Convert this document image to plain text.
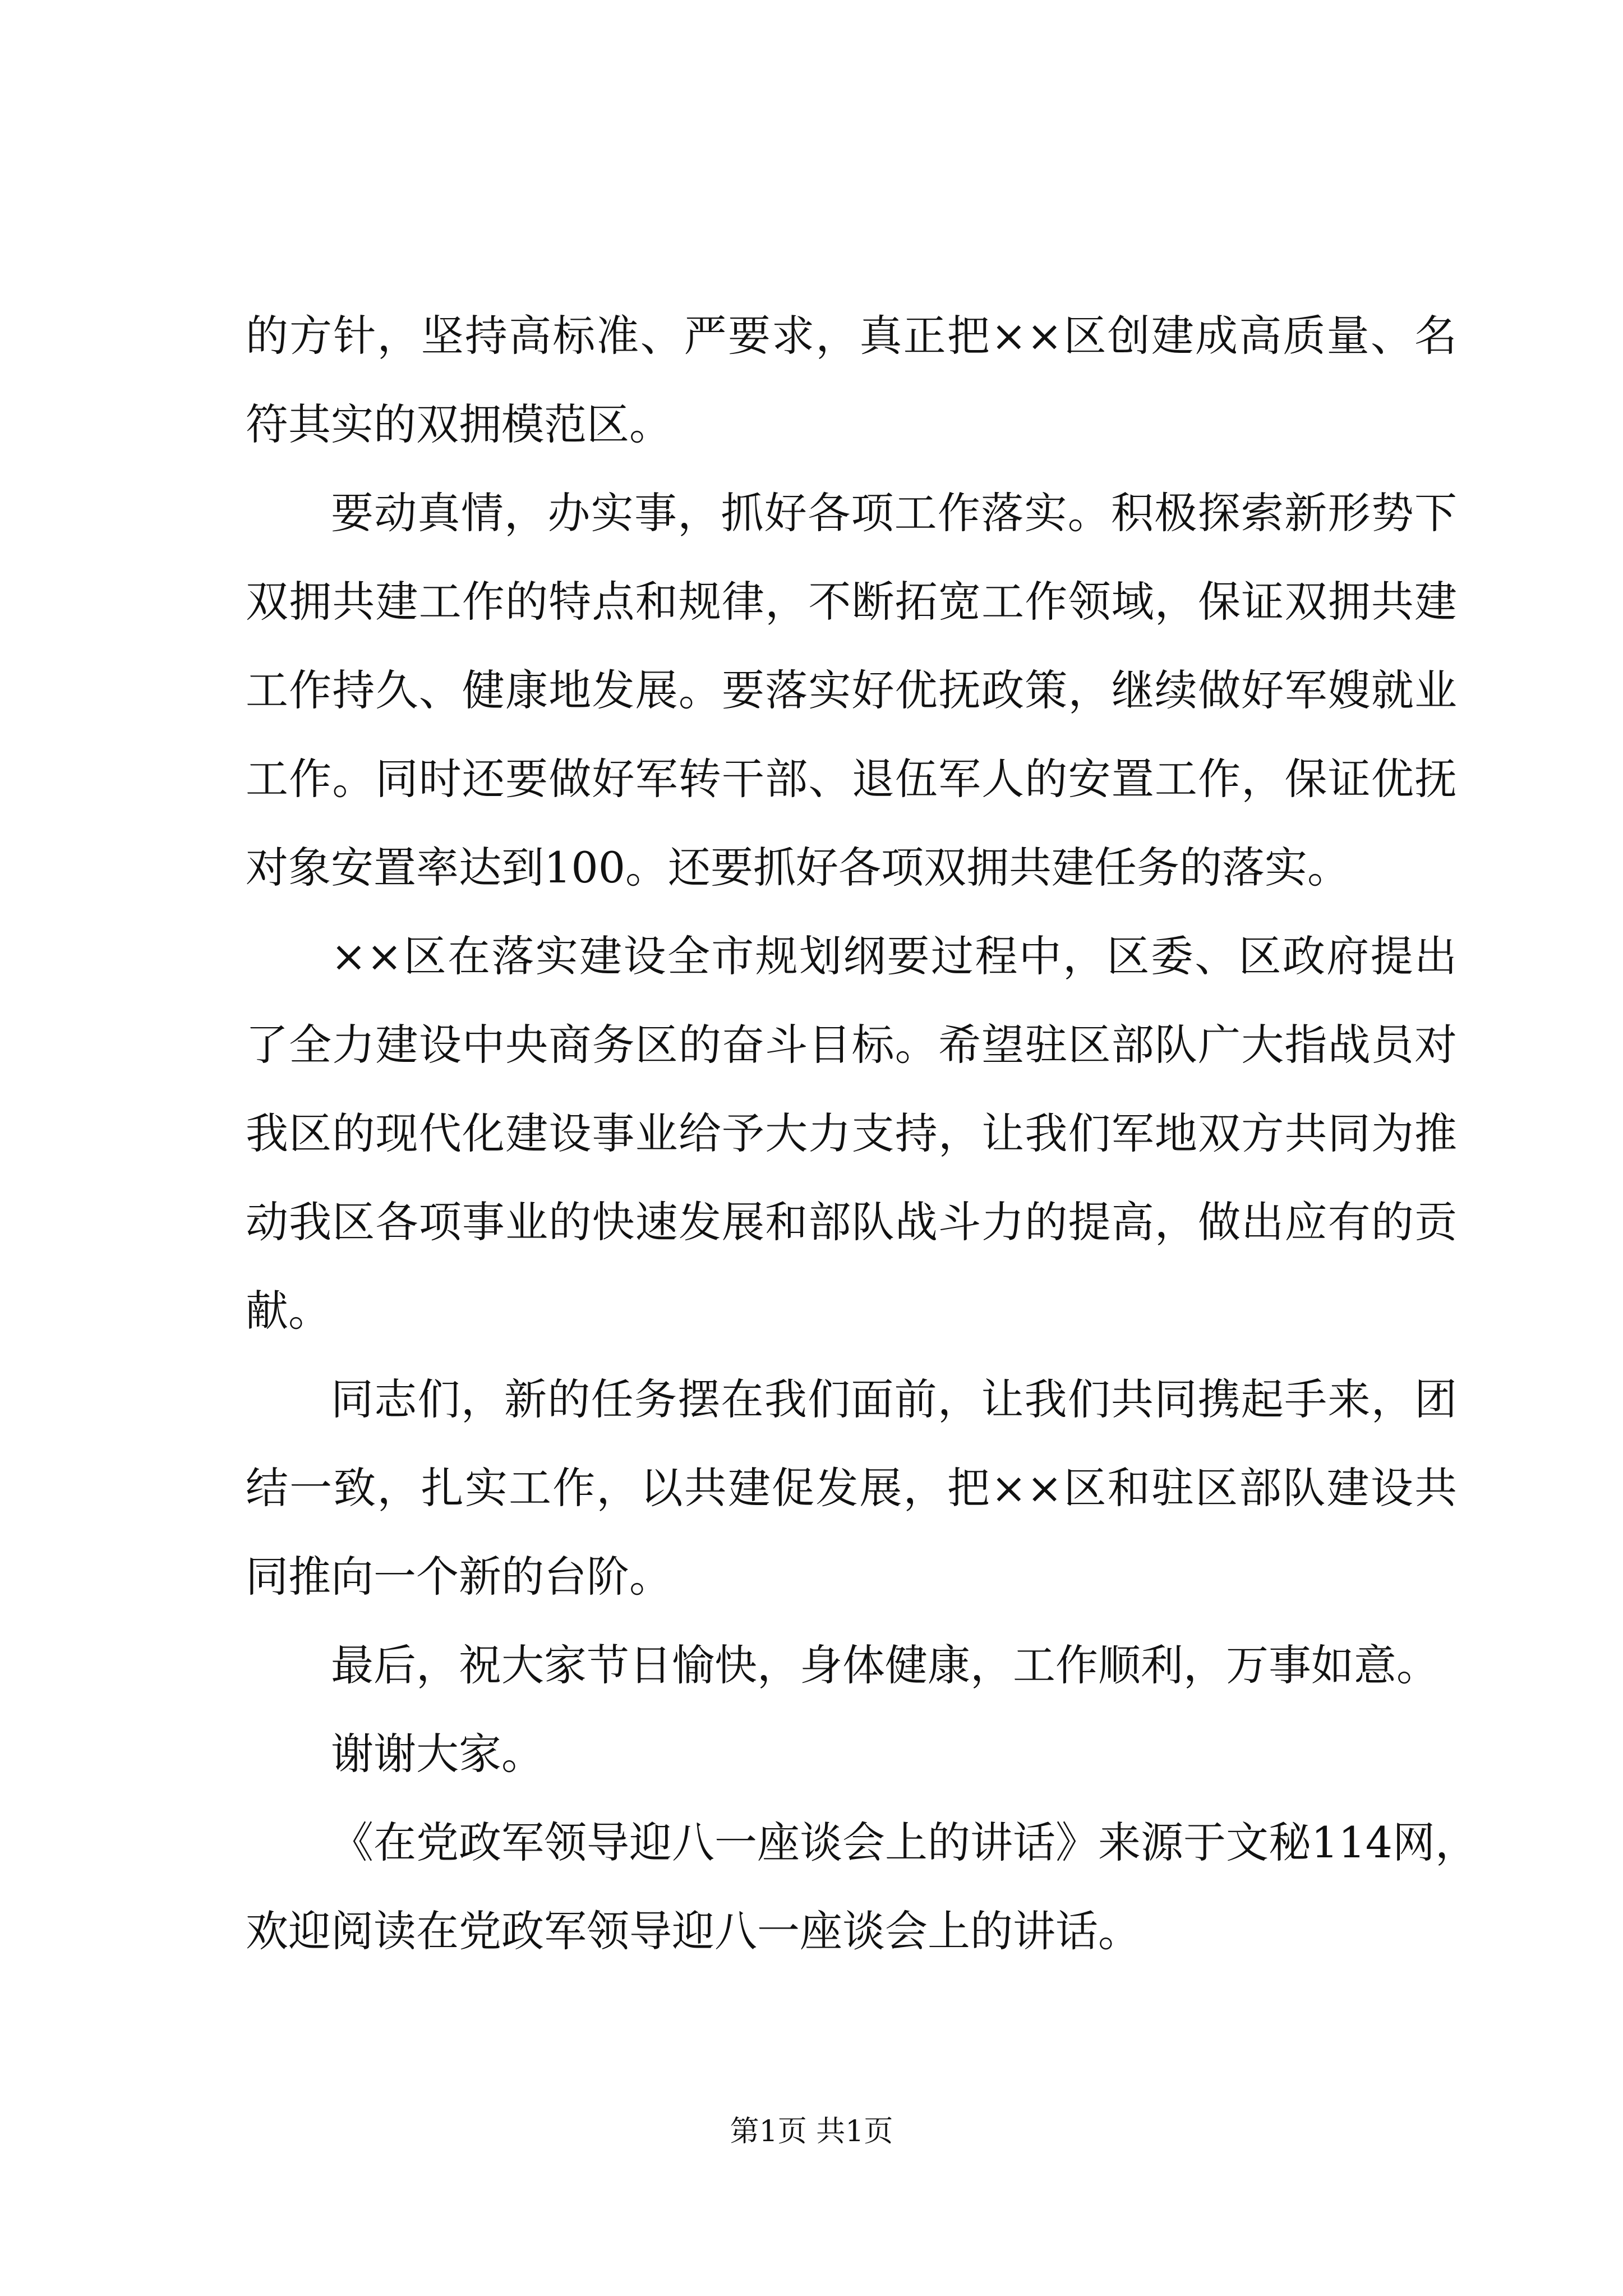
的方针，坚持高标准、严要求，真正把××区创建成高质量、名
符其实的双拥模范区。
要动真情，办实事，抓好各项工作落实。积极探索新形势下
双拥共建工作的特点和规律，不断拓宽工作领域，保证双拥共建
工作持久、健康地发展。要落实好优抚政策，继续做好军嫂就业
工作。同时还要做好军转干部、退伍军人的安置工作，保证优抚
对象安置率达到100。还要抓好各项双拥共建任务的落实。
××区在落实建设全市规划纲要过程中，区委、区政府提出
了全力建设中央商务区的奋斗目标。希望驻区部队广大指战员对
我区的现代化建设事业给予大力支持，让我们军地双方共同为推
动我区各项事业的快速发展和部队战斗力的提高，做出应有的贡
献。
同志们，新的任务摆在我们面前，让我们共同携起手来，团
结一致，扎实工作，以共建促发展，把××区和驻区部队建设共
同推向一个新的台阶。
最后，祝大家节日愉快，身体健康，工作顺利，万事如意。
谢谢大家。
《在党政军领导迎八一座谈会上的讲话》来源于文秘114网，
欢迎阅读在党政军领导迎八一座谈会上的讲话。
第1页 共1页
